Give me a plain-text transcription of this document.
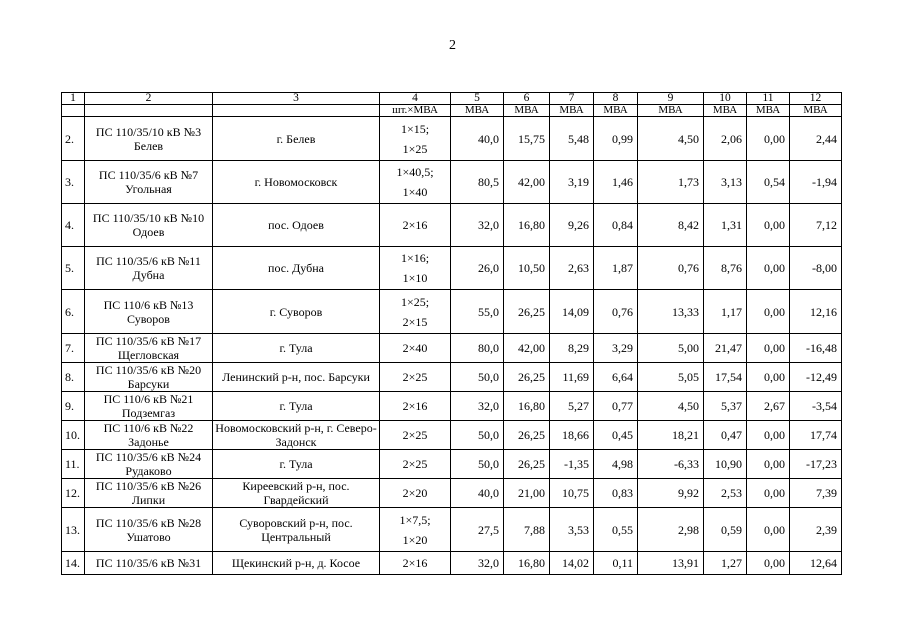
2
1	2	3	4	5	6	7	8	9	10	11	12
			шт.×МВА	МВА	МВА	МВА	МВА	МВА	МВА	МВА	МВА
2.	ПС 110/35/10 кВ №3 Белев	г. Белев	1×15;
1×25	40,0	15,75	5,48	0,99	4,50	2,06	0,00	2,44
3.	ПС 110/35/6 кВ №7 Угольная	г. Новомосковск	1×40,5;
1×40	80,5	42,00	3,19	1,46	1,73	3,13	0,54	-1,94
4.	ПС 110/35/10 кВ №10 Одоев	пос. Одоев	2×16	32,0	16,80	9,26	0,84	8,42	1,31	0,00	7,12
5.	ПС 110/35/6 кВ №11 Дубна	пос. Дубна	1×16;
1×10	26,0	10,50	2,63	1,87	0,76	8,76	0,00	-8,00
6.	ПС 110/6 кВ №13 Суворов	г. Суворов	1×25;
2×15	55,0	26,25	14,09	0,76	13,33	1,17	0,00	12,16
7.	ПС 110/35/6 кВ №17 Щегловская	г. Тула	2×40	80,0	42,00	8,29	3,29	5,00	21,47	0,00	-16,48
8.	ПС 110/35/6 кВ №20 Барсуки	Ленинский р-н, пос. Барсуки	2×25	50,0	26,25	11,69	6,64	5,05	17,54	0,00	-12,49
9.	ПС 110/6 кВ №21 Подземгаз	г. Тула	2×16	32,0	16,80	5,27	0,77	4,50	5,37	2,67	-3,54
10.	ПС 110/6 кВ №22 Задонье	Новомосковский р-н, г. Северо-Задонск	2×25	50,0	26,25	18,66	0,45	18,21	0,47	0,00	17,74
11.	ПС 110/35/6 кВ №24 Рудаково	г. Тула	2×25	50,0	26,25	-1,35	4,98	-6,33	10,90	0,00	-17,23
12.	ПС 110/35/6 кВ №26 Липки	Киреевский р-н, пос. Гвардейский	2×20	40,0	21,00	10,75	0,83	9,92	2,53	0,00	7,39
13.	ПС 110/35/6 кВ №28 Ушатово	Суворовский р-н, пос. Центральный	1×7,5;
1×20	27,5	7,88	3,53	0,55	2,98	0,59	0,00	2,39
14.	ПС 110/35/6 кВ №31	Щекинский р-н, д. Косое	2×16	32,0	16,80	14,02	0,11	13,91	1,27	0,00	12,64
